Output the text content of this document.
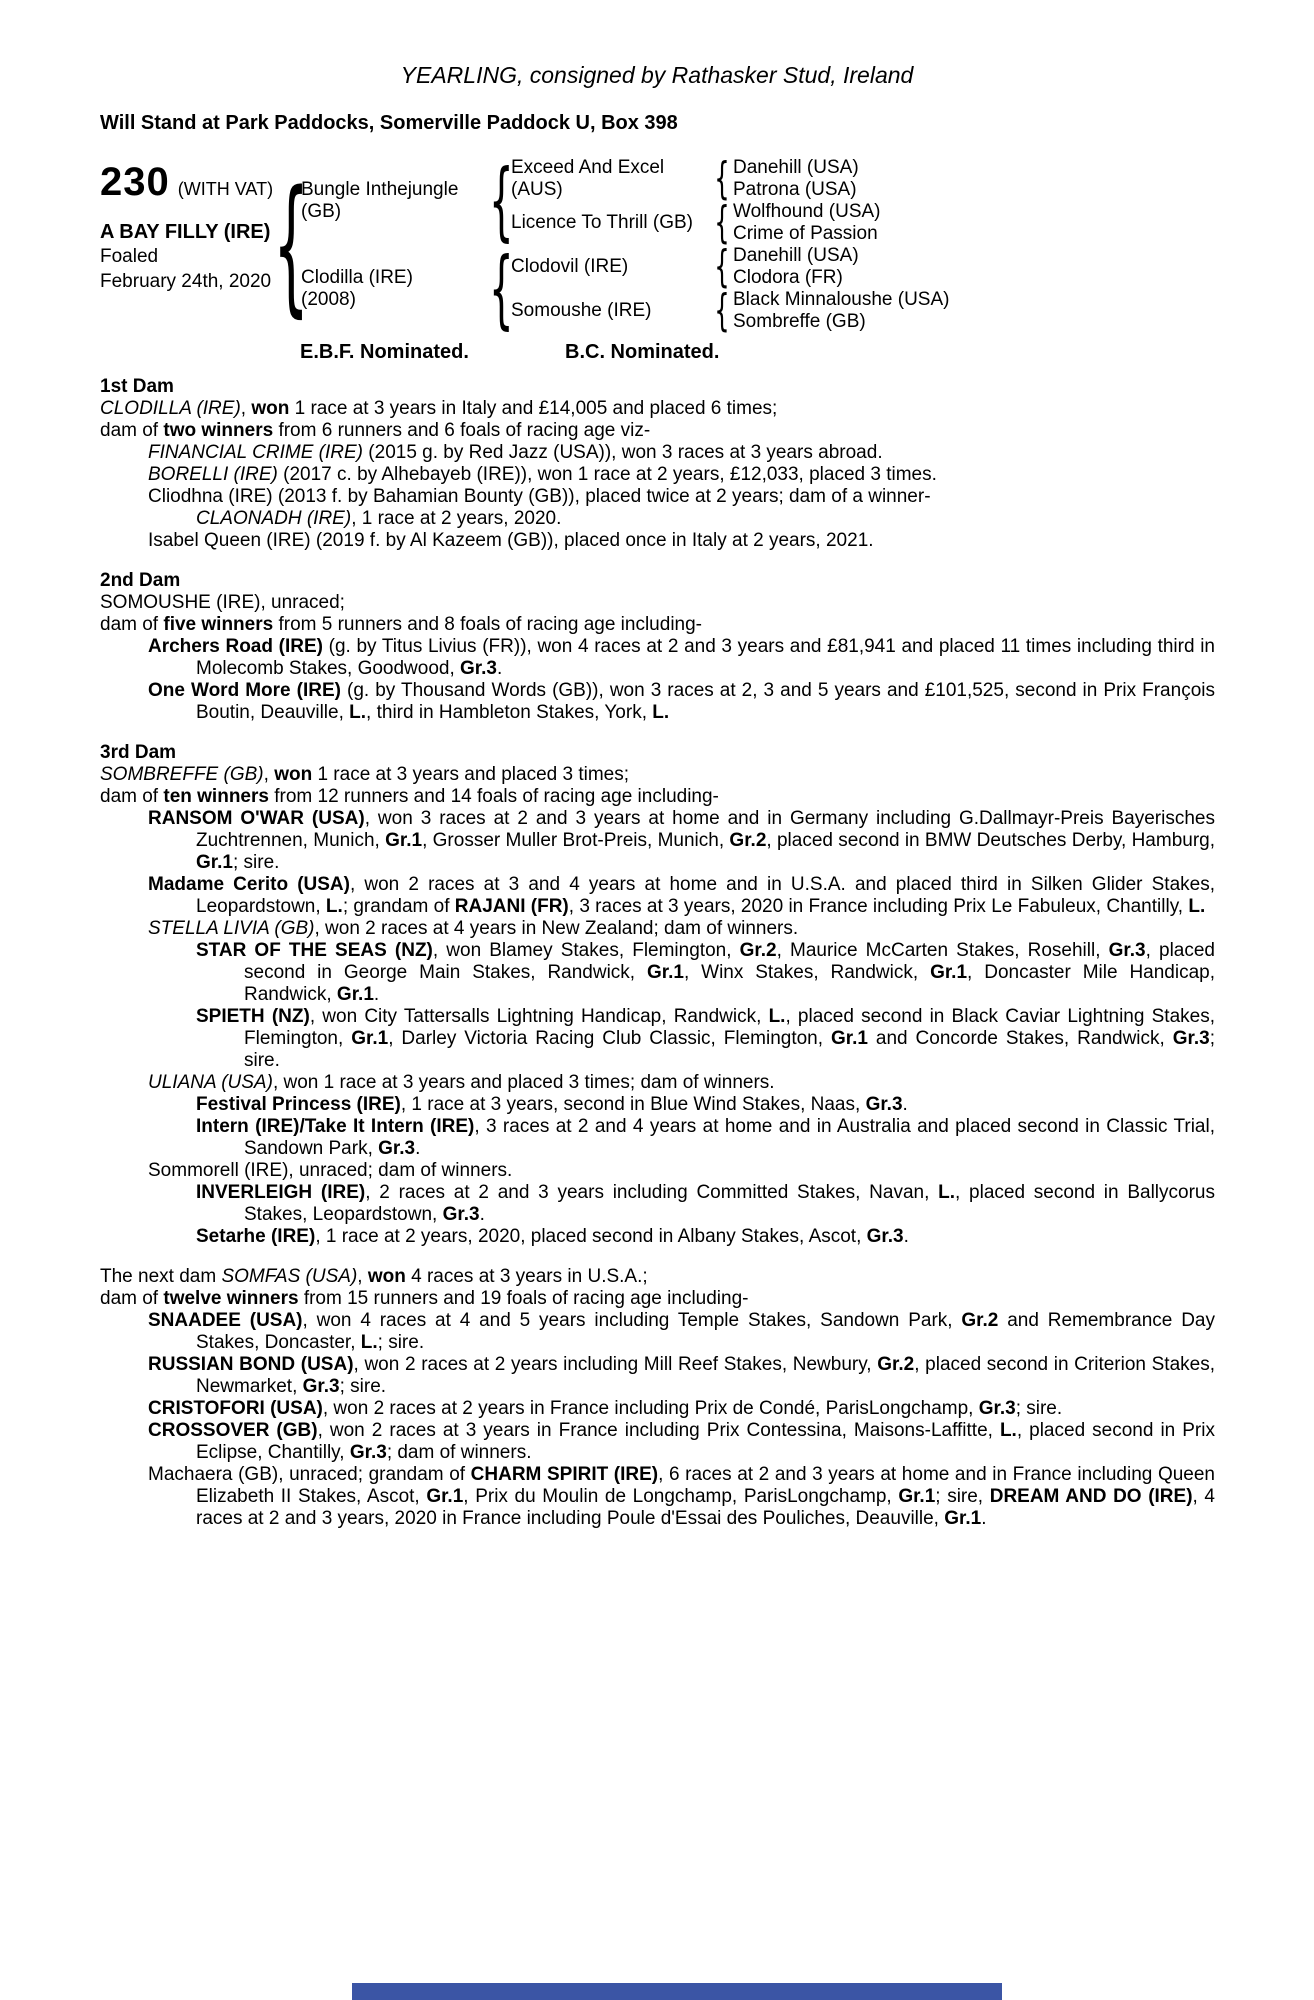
YEARLING, consigned by Rathasker Stud, Ireland
Will Stand at Park Paddocks, Somerville Paddock U, Box 398
230 (WITH VAT)
A BAY FILLY (IRE)
Foaled
February 24th, 2020 {
Bungle Inthejungle
(GB)
Clodilla (IRE)
(2008)
{
{
Exceed And Excel
(AUS)
Licence To Thrill (GB)
Clodovil (IRE)
Somoushe (IRE)
{
{
{
{
Danehill (USA)
Patrona (USA)
Wolfhound (USA)
Crime of Passion
Danehill (USA)
Clodora (FR)
Black Minnaloushe (USA)
Sombreffe (GB)
E.B.F. Nominated.	B.C. Nominated.
1st Dam

CLODILLA (IRE), won 1 race at 3 years in Italy and £14,005 and placed 6 times;

dam of two winners from 6 runners and 6 foals of racing age viz-

FINANCIAL CRIME (IRE) (2015 g. by Red Jazz (USA)), won 3 races at 3 years abroad.

BORELLI (IRE) (2017 c. by Alhebayeb (IRE)), won 1 race at 2 years, £12,033, placed 3 times.

Cliodhna (IRE) (2013 f. by Bahamian Bounty (GB)), placed twice at 2 years; dam of a winner-

CLAONADH (IRE), 1 race at 2 years, 2020.

Isabel Queen (IRE) (2019 f. by Al Kazeem (GB)), placed once in Italy at 2 years, 2021.

2nd Dam

SOMOUSHE (IRE), unraced;

dam of five winners from 5 runners and 8 foals of racing age including-

Archers Road (IRE) (g. by Titus Livius (FR)), won 4 races at 2 and 3 years and £81,941 and placed 11 times including third in Molecomb Stakes, Goodwood, Gr.3.

One Word More (IRE) (g. by Thousand Words (GB)), won 3 races at 2, 3 and 5 years and £101,525, second in Prix François Boutin, Deauville, L., third in Hambleton Stakes, York, L.

3rd Dam

SOMBREFFE (GB), won 1 race at 3 years and placed 3 times;

dam of ten winners from 12 runners and 14 foals of racing age including-

RANSOM O'WAR (USA), won 3 races at 2 and 3 years at home and in Germany including G.Dallmayr-Preis Bayerisches Zuchtrennen, Munich, Gr.1, Grosser Muller Brot-Preis, Munich, Gr.2, placed second in BMW Deutsches Derby, Hamburg, Gr.1; sire.

Madame Cerito (USA), won 2 races at 3 and 4 years at home and in U.S.A. and placed third in Silken Glider Stakes, Leopardstown, L.; grandam of RAJANI (FR), 3 races at 3 years, 2020 in France including Prix Le Fabuleux, Chantilly, L.

STELLA LIVIA (GB), won 2 races at 4 years in New Zealand; dam of winners.

STAR OF THE SEAS (NZ), won Blamey Stakes, Flemington, Gr.2, Maurice McCarten Stakes, Rosehill, Gr.3, placed second in George Main Stakes, Randwick, Gr.1, Winx Stakes, Randwick, Gr.1, Doncaster Mile Handicap, Randwick, Gr.1.

SPIETH (NZ), won City Tattersalls Lightning Handicap, Randwick, L., placed second in Black Caviar Lightning Stakes, Flemington, Gr.1, Darley Victoria Racing Club Classic, Flemington, Gr.1 and Concorde Stakes, Randwick, Gr.3; sire.

ULIANA (USA), won 1 race at 3 years and placed 3 times; dam of winners.

Festival Princess (IRE), 1 race at 3 years, second in Blue Wind Stakes, Naas, Gr.3.

Intern (IRE)/Take It Intern (IRE), 3 races at 2 and 4 years at home and in Australia and placed second in Classic Trial, Sandown Park, Gr.3.

Sommorell (IRE), unraced; dam of winners.

INVERLEIGH (IRE), 2 races at 2 and 3 years including Committed Stakes, Navan, L., placed second in Ballycorus Stakes, Leopardstown, Gr.3.

Setarhe (IRE), 1 race at 2 years, 2020, placed second in Albany Stakes, Ascot, Gr.3.

The next dam SOMFAS (USA), won 4 races at 3 years in U.S.A.;

dam of twelve winners from 15 runners and 19 foals of racing age including-

SNAADEE (USA), won 4 races at 4 and 5 years including Temple Stakes, Sandown Park, Gr.2 and Remembrance Day Stakes, Doncaster, L.; sire.

RUSSIAN BOND (USA), won 2 races at 2 years including Mill Reef Stakes, Newbury, Gr.2, placed second in Criterion Stakes, Newmarket, Gr.3; sire.

CRISTOFORI (USA), won 2 races at 2 years in France including Prix de Condé, ParisLongchamp, Gr.3; sire.

CROSSOVER (GB), won 2 races at 3 years in France including Prix Contessina, Maisons-Laffitte, L., placed second in Prix Eclipse, Chantilly, Gr.3; dam of winners.

Machaera (GB), unraced; grandam of CHARM SPIRIT (IRE), 6 races at 2 and 3 years at home and in France including Queen Elizabeth II Stakes, Ascot, Gr.1, Prix du Moulin de Longchamp, ParisLongchamp, Gr.1; sire, DREAM AND DO (IRE), 4 races at 2 and 3 years, 2020 in France including Poule d'Essai des Pouliches, Deauville, Gr.1.
